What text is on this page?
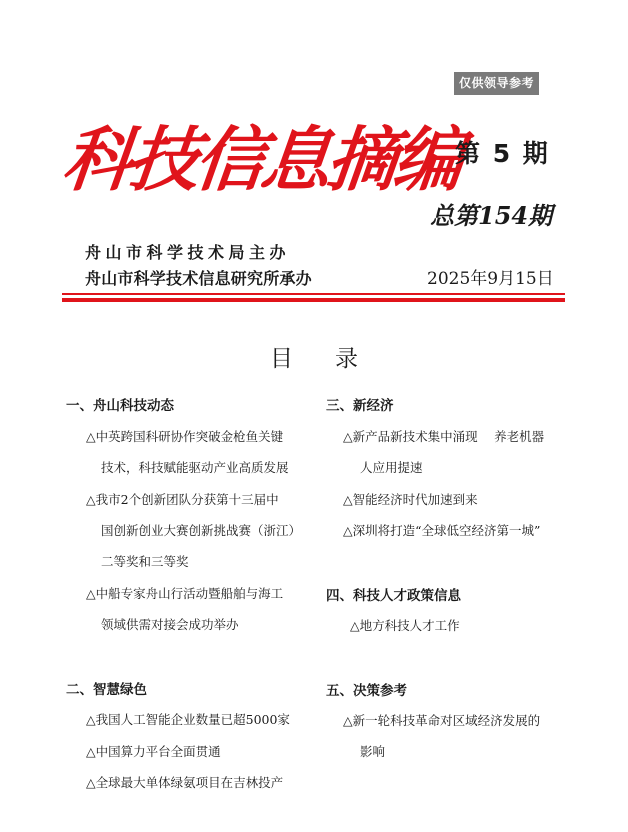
仅供领导参考
科技信息摘编
第 5 期
总第154期
舟山市科学技术局主办
舟山市科学技术信息研究所承办	2025年9月15日
目录
一、舟山科技动态
△中英跨国科研协作突破金枪鱼关键
技术，科技赋能驱动产业高质发展
△我市2个创新团队分获第十三届中
国创新创业大赛创新挑战赛（浙江）
二等奖和三等奖
△中船专家舟山行活动暨船舶与海工
领域供需对接会成功举办
二、智慧绿色
△我国人工智能企业数量已超5000家
△中国算力平台全面贯通
△全球最大单体绿氨项目在吉林投产
三、新经济
△新产品新技术集中涌现　 养老机器
人应用提速
△智能经济时代加速到来
△深圳将打造“全球低空经济第一城”
四、科技人才政策信息
△地方科技人才工作
五、决策参考
△新一轮科技革命对区域经济发展的
影响
